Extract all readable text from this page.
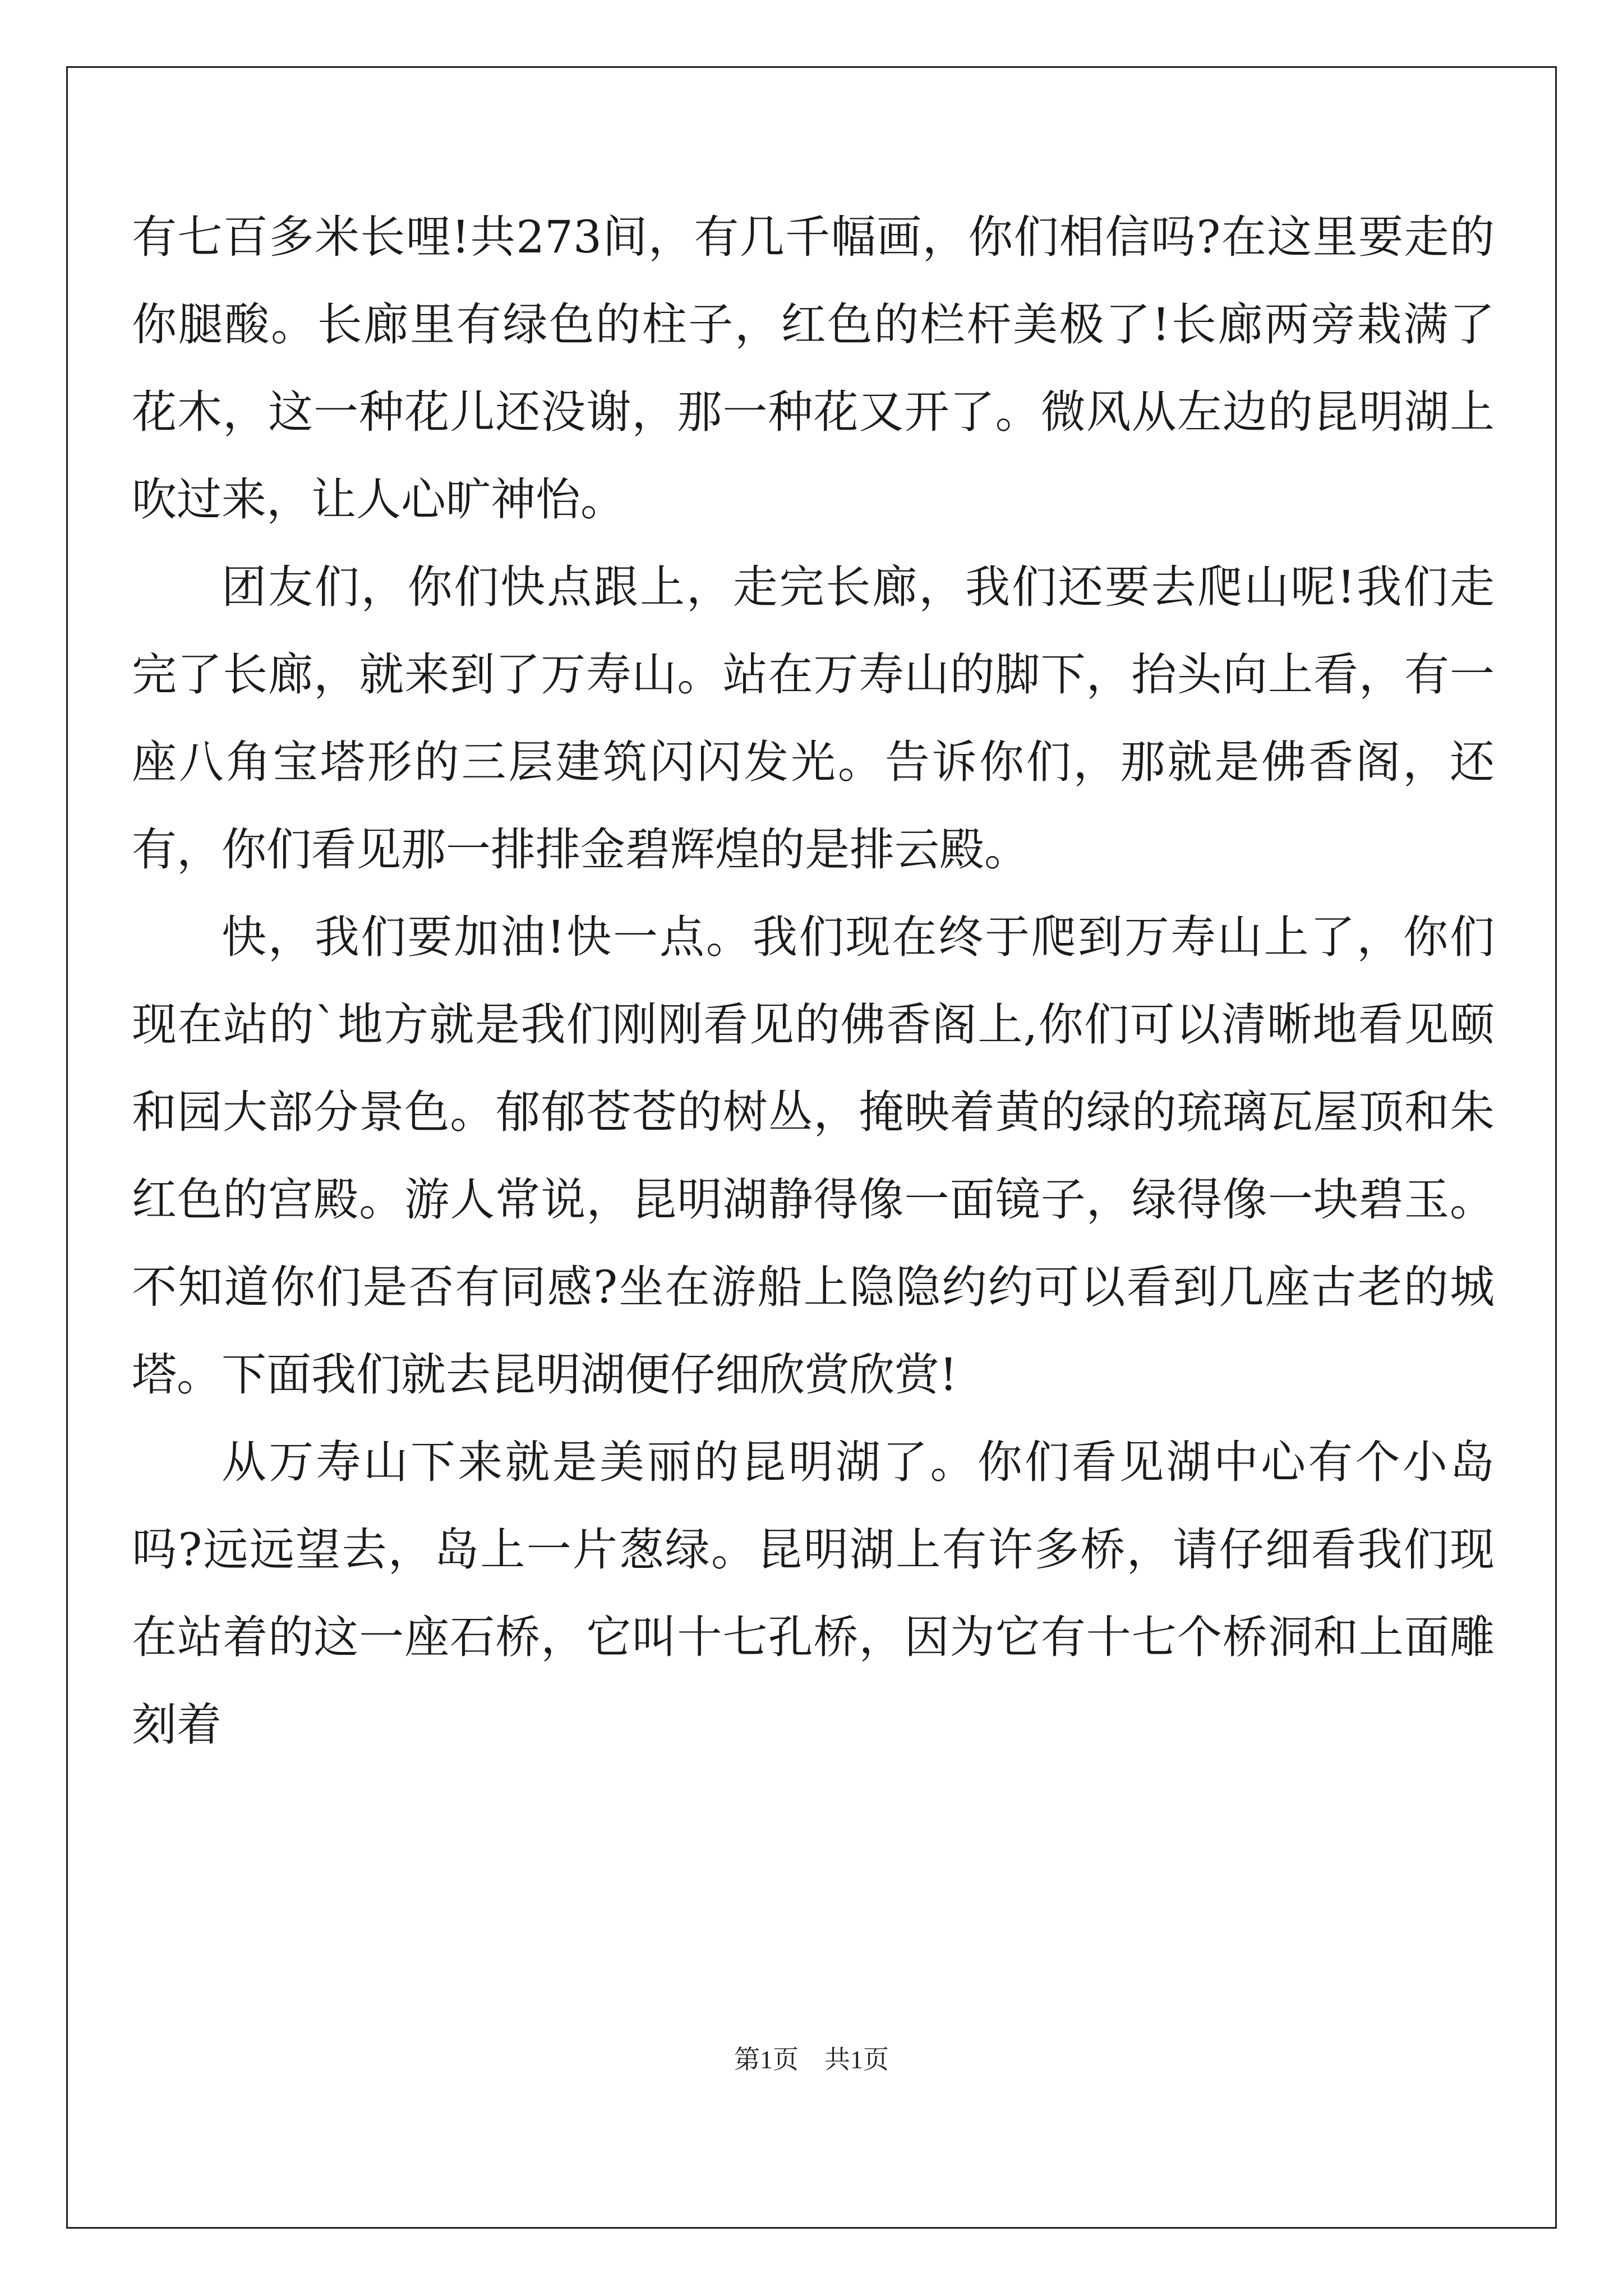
有七百多米长哩!共273间，有几千幅画，你们相信吗?在这里要走的你腿酸。长廊里有绿色的柱子，红色的栏杆美极了!长廊两旁栽满了花木，这一种花儿还没谢，那一种花又开了。微风从左边的昆明湖上吹过来，让人心旷神怡。

团友们，你们快点跟上，走完长廊，我们还要去爬山呢!我们走完了长廊，就来到了万寿山。站在万寿山的脚下，抬头向上看，有一座八角宝塔形的三层建筑闪闪发光。告诉你们，那就是佛香阁，还有，你们看见那一排排金碧辉煌的是排云殿。

快，我们要加油!快一点。我们现在终于爬到万寿山上了，你们现在站的`地方就是我们刚刚看见的佛香阁上,你们可以清晰地看见颐和园大部分景色。郁郁苍苍的树丛，掩映着黄的绿的琉璃瓦屋顶和朱红色的宫殿。游人常说，昆明湖静得像一面镜子，绿得像一块碧玉。不知道你们是否有同感?坐在游船上隐隐约约可以看到几座古老的城塔。下面我们就去昆明湖便仔细欣赏欣赏!

从万寿山下来就是美丽的昆明湖了。你们看见湖中心有个小岛吗?远远望去，岛上一片葱绿。昆明湖上有许多桥，请仔细看我们现在站着的这一座石桥，它叫十七孔桥，因为它有十七个桥洞和上面雕刻着

第1页　共1页
